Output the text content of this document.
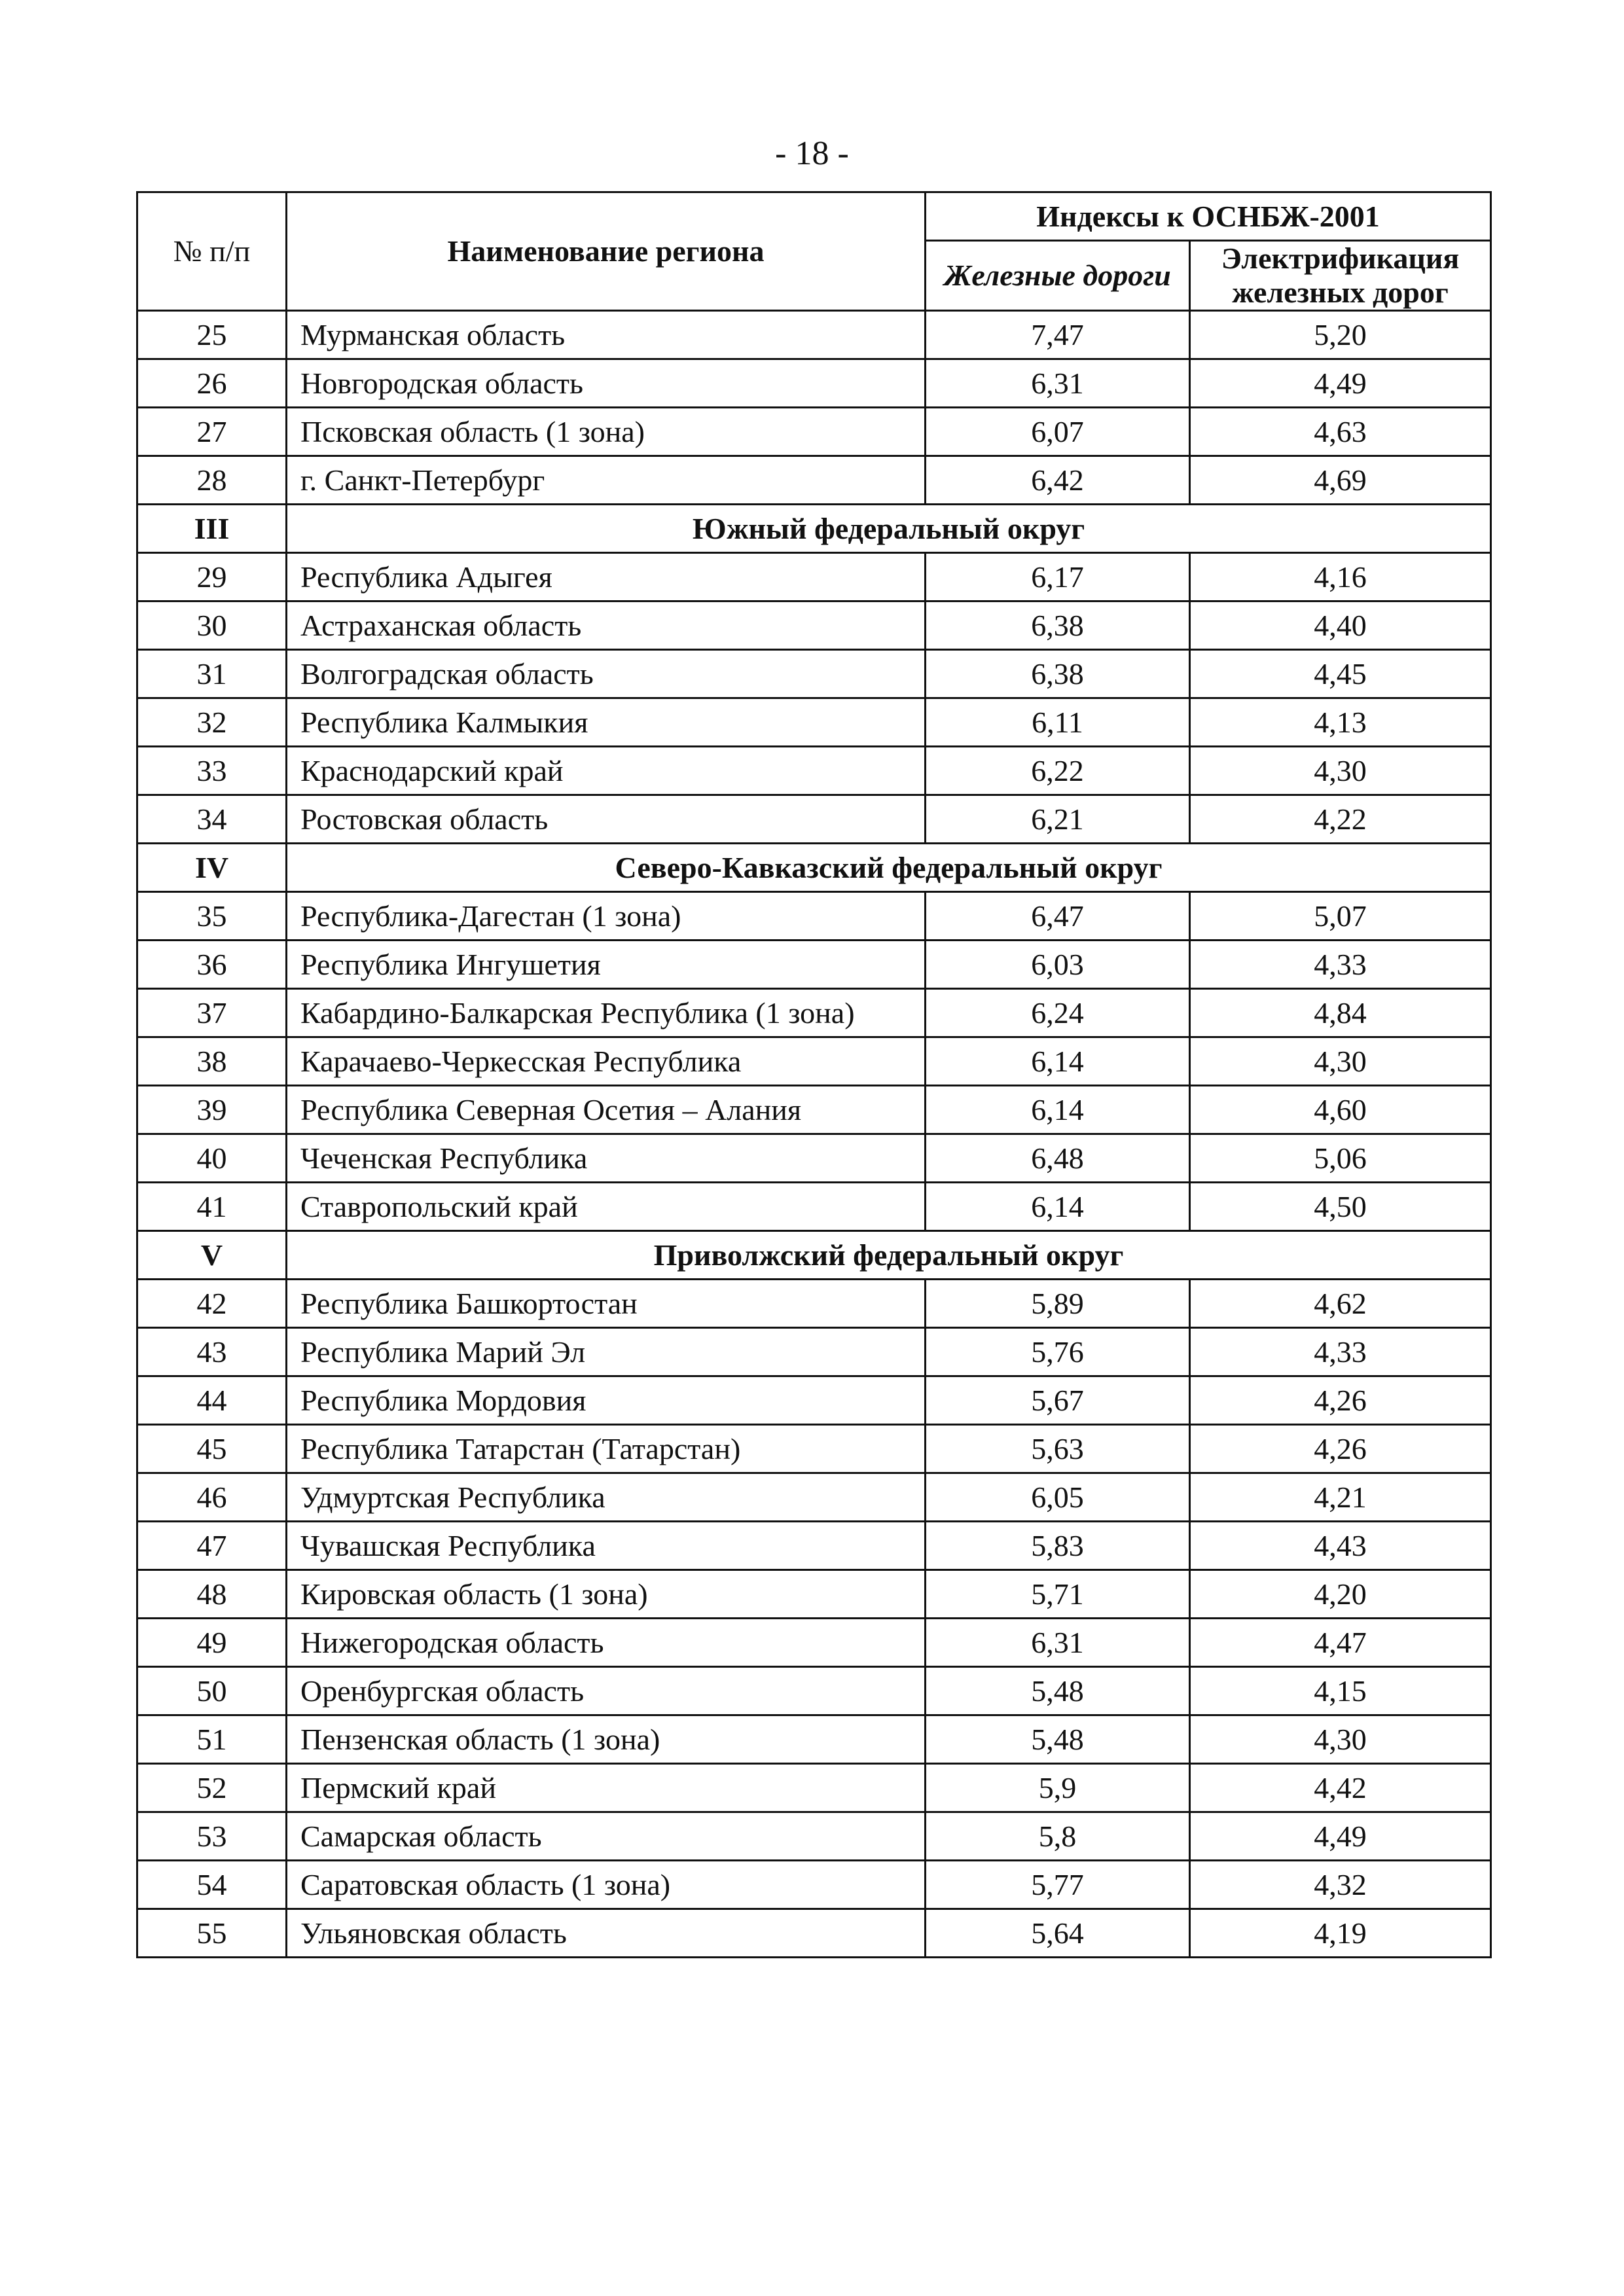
- 18 -
№ п/п	Наименование региона	Индексы к ОСНБЖ-2001	
		Железные дороги	Электрификация железных дорог
25	Мурманская область	7,47	5,20
26	Новгородская область	6,31	4,49
27	Псковская область (1 зона)	6,07	4,63
28	г. Санкт-Петербург	6,42	4,69
III	Южный федеральный округ		
29	Республика Адыгея	6,17	4,16
30	Астраханская область	6,38	4,40
31	Волгоградская область	6,38	4,45
32	Республика Калмыкия	6,11	4,13
33	Краснодарский край	6,22	4,30
34	Ростовская область	6,21	4,22
IV	Северо-Кавказский федеральный округ		
35	Республика-Дагестан (1 зона)	6,47	5,07
36	Республика Ингушетия	6,03	4,33
37	Кабардино-Балкарская Республика (1 зона)	6,24	4,84
38	Карачаево-Черкесская Республика	6,14	4,30
39	Республика Северная Осетия – Алания	6,14	4,60
40	Чеченская Республика	6,48	5,06
41	Ставропольский край	6,14	4,50
V	Приволжский федеральный округ		
42	Республика Башкортостан	5,89	4,62
43	Республика Марий Эл	5,76	4,33
44	Республика Мордовия	5,67	4,26
45	Республика Татарстан (Татарстан)	5,63	4,26
46	Удмуртская Республика	6,05	4,21
47	Чувашская Республика	5,83	4,43
48	Кировская область (1 зона)	5,71	4,20
49	Нижегородская область	6,31	4,47
50	Оренбургская область	5,48	4,15
51	Пензенская область (1 зона)	5,48	4,30
52	Пермский край	5,9	4,42
53	Самарская область	5,8	4,49
54	Саратовская область (1 зона)	5,77	4,32
55	Ульяновская область	5,64	4,19
